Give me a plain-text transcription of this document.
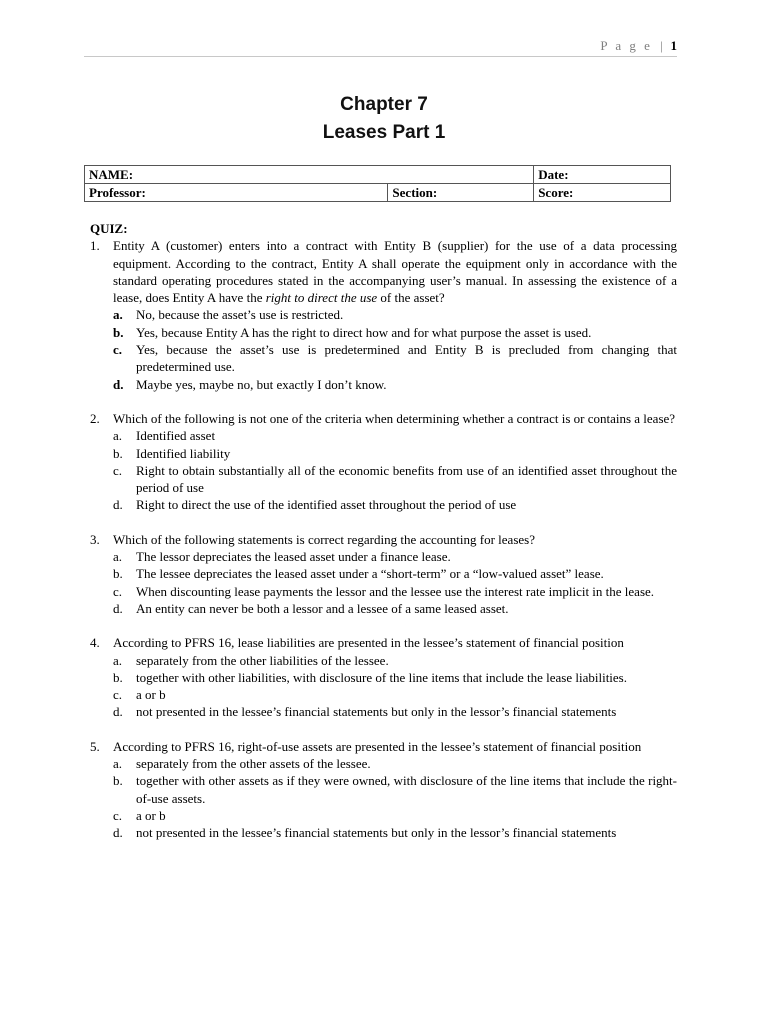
P a g e | 1
Chapter 7
Leases Part 1
NAME:		Date:
Professor:	Section:	Score:
QUIZ:
1. Entity A (customer) enters into a contract with Entity B (supplier) for the use of a data processing equipment. According to the contract, Entity A shall operate the equipment only in accordance with the standard operating procedures stated in the accompanying user’s manual. In assessing the existence of a lease, does Entity A have the right to direct the use of the asset?
a. No, because the asset’s use is restricted.
b. Yes, because Entity A has the right to direct how and for what purpose the asset is used.
c. Yes, because the asset’s use is predetermined and Entity B is precluded from changing that predetermined use.
d. Maybe yes, maybe no, but exactly I don’t know.
2. Which of the following is not one of the criteria when determining whether a contract is or contains a lease?
a. Identified asset
b. Identified liability
c. Right to obtain substantially all of the economic benefits from use of an identified asset throughout the period of use
d. Right to direct the use of the identified asset throughout the period of use
3. Which of the following statements is correct regarding the accounting for leases?
a. The lessor depreciates the leased asset under a finance lease.
b. The lessee depreciates the leased asset under a “short-term” or a “low-valued asset” lease.
c. When discounting lease payments the lessor and the lessee use the interest rate implicit in the lease.
d. An entity can never be both a lessor and a lessee of a same leased asset.
4. According to PFRS 16, lease liabilities are presented in the lessee’s statement of financial position
a. separately from the other liabilities of the lessee.
b. together with other liabilities, with disclosure of the line items that include the lease liabilities.
c. a or b
d. not presented in the lessee’s financial statements but only in the lessor’s financial statements
5. According to PFRS 16, right-of-use assets are presented in the lessee’s statement of financial position
a. separately from the other assets of the lessee.
b. together with other assets as if they were owned, with disclosure of the line items that include the right-of-use assets.
c. a or b
d. not presented in the lessee’s financial statements but only in the lessor’s financial statements
